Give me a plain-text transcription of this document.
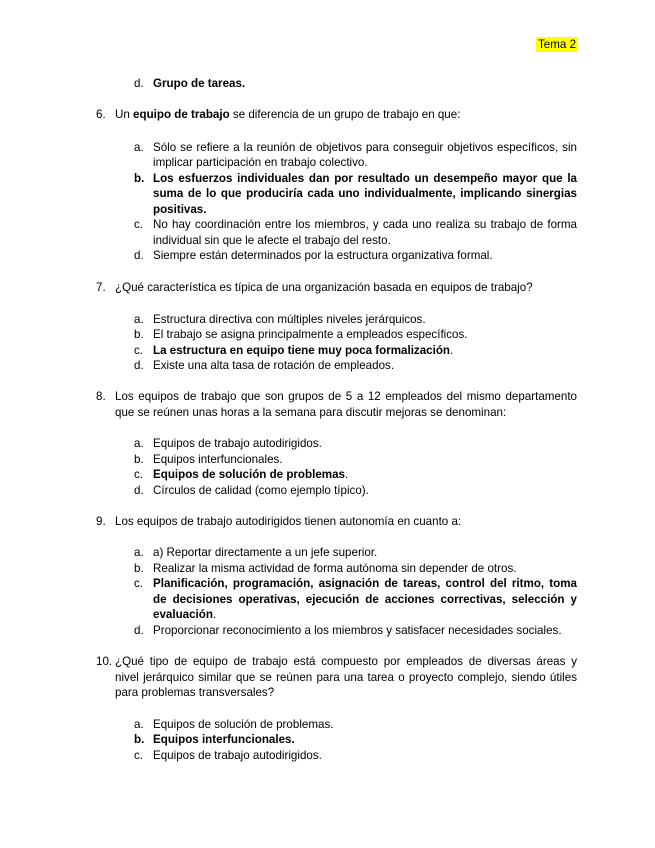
Tema 2
d. Grupo de tareas.
6. Un equipo de trabajo se diferencia de un grupo de trabajo en que:
a. Sólo se refiere a la reunión de objetivos para conseguir objetivos específicos, sin
implicar participación en trabajo colectivo.
b. Los esfuerzos individuales dan por resultado un desempeño mayor que la
suma de lo que produciría cada uno individualmente, implicando sinergias
positivas.
c. No hay coordinación entre los miembros, y cada uno realiza su trabajo de forma
individual sin que le afecte el trabajo del resto.
d. Siempre están determinados por la estructura organizativa formal.
7. ¿Qué característica es típica de una organización basada en equipos de trabajo?
a. Estructura directiva con múltiples niveles jerárquicos.
b. El trabajo se asigna principalmente a empleados específicos.
c. La estructura en equipo tiene muy poca formalización.
d. Existe una alta tasa de rotación de empleados.
8. Los equipos de trabajo que son grupos de 5 a 12 empleados del mismo departamento
que se reúnen unas horas a la semana para discutir mejoras se denominan:
a. Equipos de trabajo autodirigidos.
b. Equipos interfuncionales.
c. Equipos de solución de problemas.
d. Círculos de calidad (como ejemplo típico).
9. Los equipos de trabajo autodirigidos tienen autonomía en cuanto a:
a. a) Reportar directamente a un jefe superior.
b. Realizar la misma actividad de forma autónoma sin depender de otros.
c. Planificación, programación, asignación de tareas, control del ritmo, toma
de decisiones operativas, ejecución de acciones correctivas, selección y
evaluación.
d. Proporcionar reconocimiento a los miembros y satisfacer necesidades sociales.
10. ¿Qué tipo de equipo de trabajo está compuesto por empleados de diversas áreas y
nivel jerárquico similar que se reúnen para una tarea o proyecto complejo, siendo útiles
para problemas transversales?
a. Equipos de solución de problemas.
b. Equipos interfuncionales.
c. Equipos de trabajo autodirigidos.
